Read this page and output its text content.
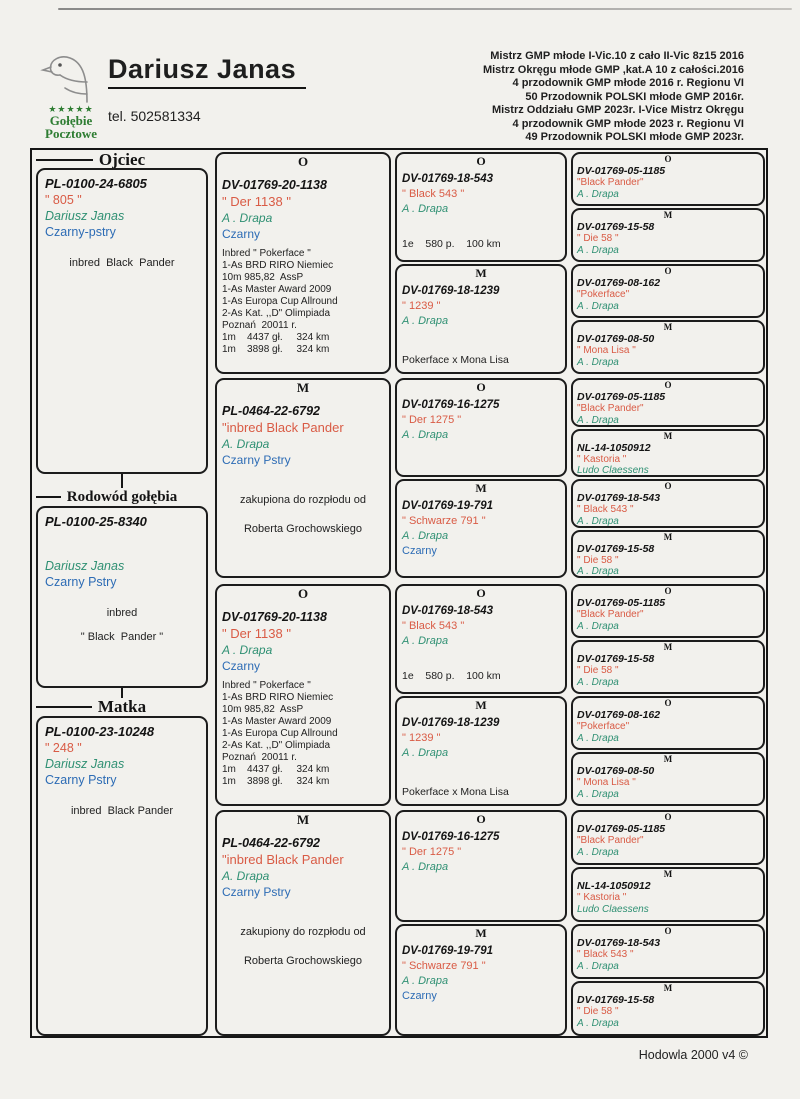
★★★★★
Gołębie
Pocztowe
Dariusz Janas
tel. 502581334
Mistrz GMP młode I-Vic.10 z cało II-Vic 8z15 2016
Mistrz Okręgu młode GMP ,kat.A 10 z całości.2016
4 przodownik GMP młode 2016 r. Regionu VI
50 Przodownik POLSKI młode GMP 2016r.
Mistrz Oddziału GMP 2023r. I-Vice Mistrz Okręgu
4 przodownik GMP młode 2023 r. Regionu VI
49 Przodownik POLSKI młode GMP 2023r.
Ojciec
PL-0100-24-6805
" 805 "
Dariusz Janas
Czarny-pstry
inbred  Black  Pander
Rodowód gołębia
PL-0100-25-8340
Dariusz Janas
Czarny Pstry
inbred
" Black  Pander "
Matka
PL-0100-23-10248
" 248 "
Dariusz Janas
Czarny Pstry
inbred  Black Pander
O
DV-01769-20-1138
" Der 1138 "
A . Drapa
Czarny
Inbred " Pokerface "
1-As BRD RIRO Niemiec
10m 985,82  AssP
1-As Master Award 2009
1-As Europa Cup Allround
2-As Kat. ,,D" Olimpiada
Poznań  20011 r.
1m    4437 gł.     324 km
1m    3898 gł.     324 km
M
PL-0464-22-6792
"inbred Black Pander
A. Drapa
Czarny Pstry
zakupiona do rozpłodu od
Roberta Grochowskiego
O
DV-01769-20-1138
" Der 1138 "
A . Drapa
Czarny
Inbred " Pokerface "
1-As BRD RIRO Niemiec
10m 985,82  AssP
1-As Master Award 2009
1-As Europa Cup Allround
2-As Kat. ,,D" Olimpiada
Poznań  20011 r.
1m    4437 gł.     324 km
1m    3898 gł.     324 km
M
PL-0464-22-6792
"inbred Black Pander
A. Drapa
Czarny Pstry
zakupiony do rozpłodu od
Roberta Grochowskiego
O
DV-01769-18-543
" Black 543 "
A . Drapa
1e    580 p.    100 km
M
DV-01769-18-1239
" 1239 "
A . Drapa
Pokerface x Mona Lisa
O
DV-01769-16-1275
" Der 1275 "
A . Drapa
M
DV-01769-19-791
" Schwarze 791 "
A . Drapa
Czarny
O
DV-01769-18-543
" Black 543 "
A . Drapa
1e    580 p.    100 km
M
DV-01769-18-1239
" 1239 "
A . Drapa
Pokerface x Mona Lisa
O
DV-01769-16-1275
" Der 1275 "
A . Drapa
M
DV-01769-19-791
" Schwarze 791 "
A . Drapa
Czarny
O
DV-01769-05-1185
"Black Pander"
A . Drapa
M
DV-01769-15-58
" Die 58 "
A . Drapa
O
DV-01769-08-162
"Pokerface"
A . Drapa
M
DV-01769-08-50
" Mona Lisa "
A . Drapa
O
DV-01769-05-1185
"Black Pander"
A . Drapa
M
NL-14-1050912
" Kastoria "
Ludo Claessens
O
DV-01769-18-543
" Black 543 "
A . Drapa
M
DV-01769-15-58
" Die 58 "
A . Drapa
O
DV-01769-05-1185
"Black Pander"
A . Drapa
M
DV-01769-15-58
" Die 58 "
A . Drapa
O
DV-01769-08-162
"Pokerface"
A . Drapa
M
DV-01769-08-50
" Mona Lisa "
A . Drapa
O
DV-01769-05-1185
"Black Pander"
A . Drapa
M
NL-14-1050912
" Kastoria "
Ludo Claessens
O
DV-01769-18-543
" Black 543 "
A . Drapa
M
DV-01769-15-58
" Die 58 "
A . Drapa
Hodowla 2000 v4 ©
